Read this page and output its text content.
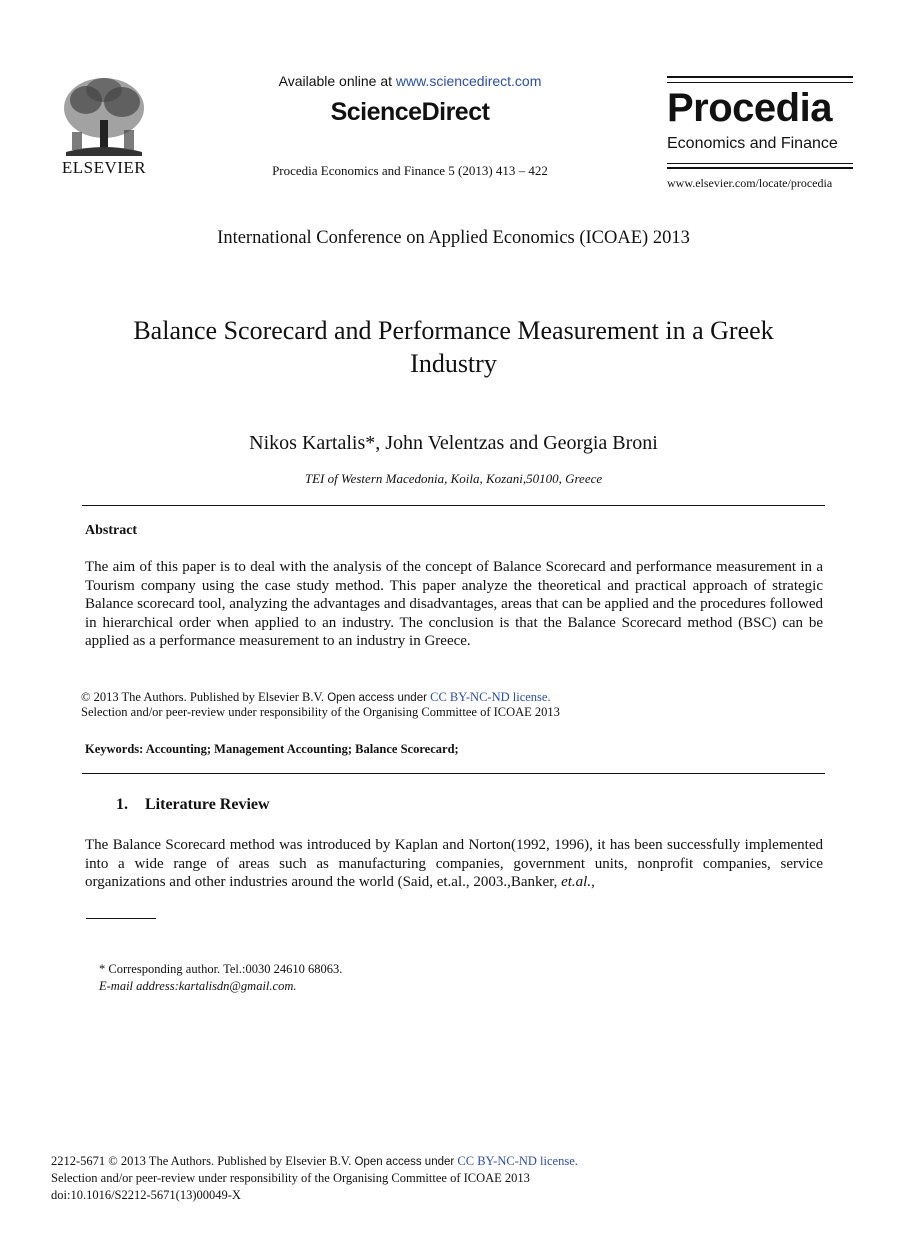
ELSEVIER
Available online at www.sciencedirect.com
ScienceDirect
Procedia Economics and Finance 5 (2013) 413 – 422
Procedia
Economics and Finance
www.elsevier.com/locate/procedia
International Conference on Applied Economics (ICOAE) 2013
Balance Scorecard and Performance Measurement in a Greek Industry
Nikos Kartalis*, John Velentzas and Georgia Broni
TEI of Western Macedonia, Koila, Kozani,50100, Greece
Abstract
The aim of this paper is to deal with the analysis of the concept of Balance Scorecard and performance measurement in a Tourism company using the case study method. This paper analyze the theoretical and practical approach of strategic Balance scorecard tool, analyzing the advantages and disadvantages, areas that can be applied and the procedures followed in hierarchical order when applied to an industry. The conclusion is that the Balance Scorecard method (BSC) can be applied as a performance measurement to an industry in Greece.
© 2013 The Authors. Published by Elsevier B.V. Open access under CC BY-NC-ND license.
Selection and/or peer-review under responsibility of the Organising Committee of ICOAE 2013
Keywords: Accounting; Management Accounting; Balance Scorecard;
1. Literature Review
The Balance Scorecard method was introduced by Kaplan and Norton(1992, 1996), it has been successfully implemented into a wide range of areas such as manufacturing companies, government units, nonprofit companies, service organizations and other industries around the world (Said, et.al., 2003.,Banker, et.al.,
* Corresponding author. Tel.:0030 24610 68063.
E-mail address:kartalisdn@gmail.com.
2212-5671 © 2013 The Authors. Published by Elsevier B.V. Open access under CC BY-NC-ND license.
Selection and/or peer-review under responsibility of the Organising Committee of ICOAE 2013
doi:10.1016/S2212-5671(13)00049-X
